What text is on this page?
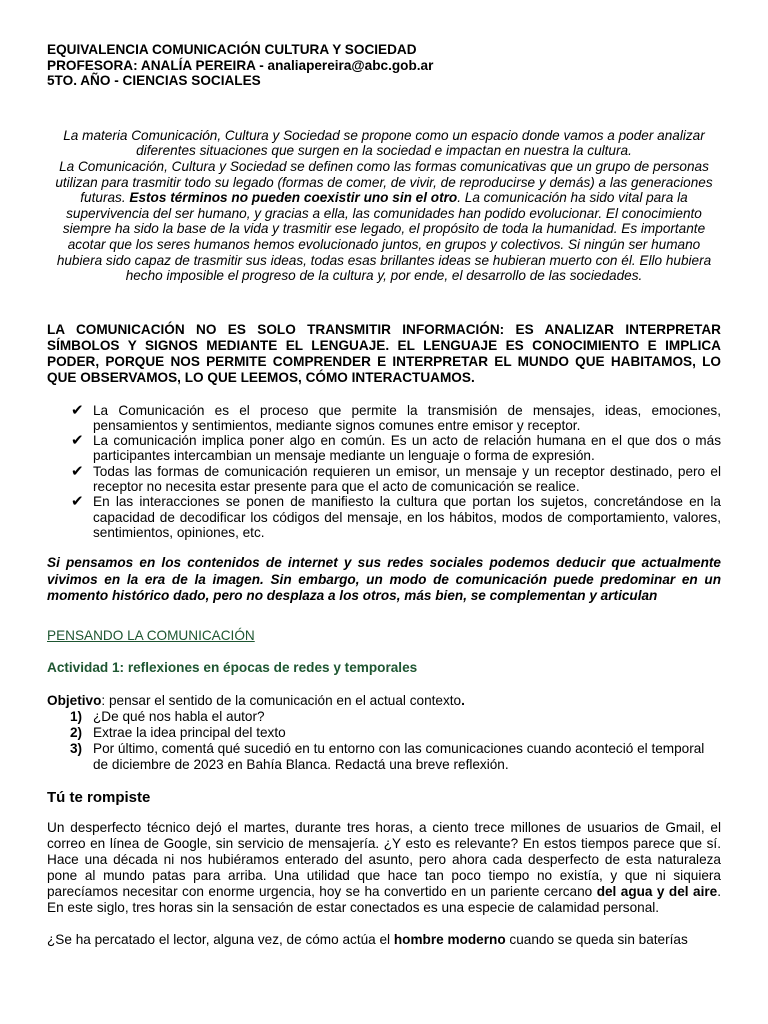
EQUIVALENCIA COMUNICACIÓN CULTURA Y SOCIEDAD
PROFESORA: ANALÍA PEREIRA - analiapereira@abc.gob.ar
5TO. AÑO - CIENCIAS SOCIALES
La materia Comunicación, Cultura y Sociedad se propone como un espacio donde vamos a poder analizar diferentes situaciones que surgen en la sociedad e impactan en nuestra la cultura.
La Comunicación, Cultura y Sociedad se definen como las formas comunicativas que un grupo de personas utilizan para trasmitir todo su legado (formas de comer, de vivir, de reproducirse y demás) a las generaciones futuras. Estos términos no pueden coexistir uno sin el otro. La comunicación ha sido vital para la supervivencia del ser humano, y gracias a ella, las comunidades han podido evolucionar. El conocimiento siempre ha sido la base de la vida y trasmitir ese legado, el propósito de toda la humanidad. Es importante acotar que los seres humanos hemos evolucionado juntos, en grupos y colectivos. Si ningún ser humano hubiera sido capaz de trasmitir sus ideas, todas esas brillantes ideas se hubieran muerto con él. Ello hubiera hecho imposible el progreso de la cultura y, por ende, el desarrollo de las sociedades.
LA COMUNICACIÓN NO ES SOLO TRANSMITIR INFORMACIÓN: ES ANALIZAR INTERPRETAR SÍMBOLOS Y SIGNOS MEDIANTE EL LENGUAJE. EL LENGUAJE ES CONOCIMIENTO E IMPLICA PODER, PORQUE NOS PERMITE COMPRENDER E INTERPRETAR EL MUNDO QUE HABITAMOS, LO QUE OBSERVAMOS, LO QUE LEEMOS, CÓMO INTERACTUAMOS.
✔ La Comunicación es el proceso que permite la transmisión de mensajes, ideas, emociones, pensamientos y sentimientos, mediante signos comunes entre emisor y receptor.
✔ La comunicación implica poner algo en común. Es un acto de relación humana en el que dos o más participantes intercambian un mensaje mediante un lenguaje o forma de expresión.
✔ Todas las formas de comunicación requieren un emisor, un mensaje y un receptor destinado, pero el receptor no necesita estar presente para que el acto de comunicación se realice.
✔ En las interacciones se ponen de manifiesto la cultura que portan los sujetos, concretándose en la capacidad de decodificar los códigos del mensaje, en los hábitos, modos de comportamiento, valores, sentimientos, opiniones, etc.
Si pensamos en los contenidos de internet y sus redes sociales podemos deducir que actualmente vivimos en la era de la imagen. Sin embargo, un modo de comunicación puede predominar en un momento histórico dado, pero no desplaza a los otros, más bien, se complementan y articulan
PENSANDO LA COMUNICACIÓN
Actividad 1: reflexiones en épocas de redes y temporales
Objetivo: pensar el sentido de la comunicación en el actual contexto.
1) ¿De qué nos habla el autor?
2) Extrae la idea principal del texto
3) Por último, comentá qué sucedió en tu entorno con las comunicaciones cuando aconteció el temporal de diciembre de 2023 en Bahía Blanca. Redactá una breve reflexión.
Tú te rompiste
Un desperfecto técnico dejó el martes, durante tres horas, a ciento trece millones de usuarios de Gmail, el correo en línea de Google, sin servicio de mensajería. ¿Y esto es relevante? En estos tiempos parece que sí. Hace una década ni nos hubiéramos enterado del asunto, pero ahora cada desperfecto de esta naturaleza pone al mundo patas para arriba. Una utilidad que hace tan poco tiempo no existía, y que ni siquiera parecíamos necesitar con enorme urgencia, hoy se ha convertido en un pariente cercano del agua y del aire. En este siglo, tres horas sin la sensación de estar conectados es una especie de calamidad personal.
¿Se ha percatado el lector, alguna vez, de cómo actúa el hombre moderno cuando se queda sin baterías
